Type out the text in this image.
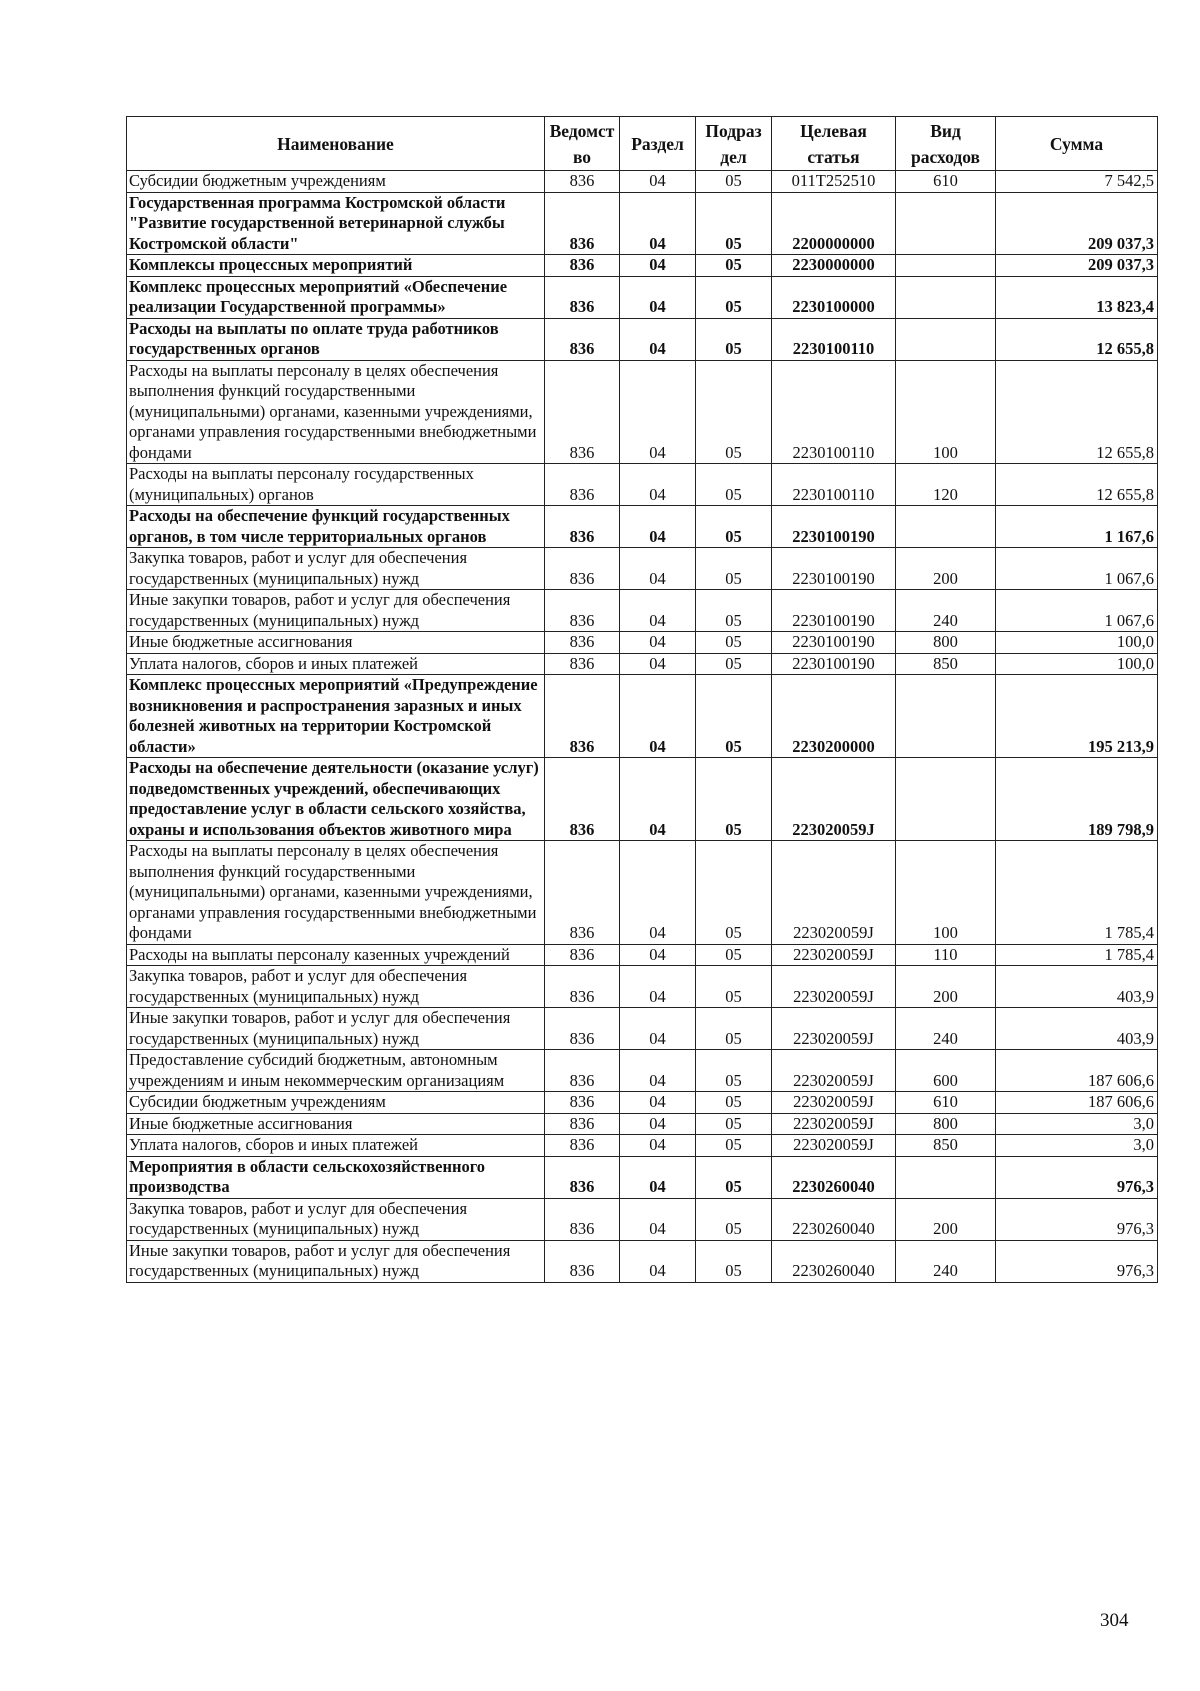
Наименование	Ведомст во	Раздел	Подраз дел	Целевая статья	Вид расходов	Сумма
Субсидии бюджетным учреждениям	836	04	05	011Т252510	610	7 542,5
Государственная программа Костромской области "Развитие государственной ветеринарной службы Костромской области"	836	04	05	2200000000		209 037,3
Комплексы процессных мероприятий	836	04	05	2230000000		209 037,3
Комплекс процессных мероприятий «Обеспечение реализации Государственной программы»	836	04	05	2230100000		13 823,4
Расходы на выплаты по оплате труда работников государственных органов	836	04	05	2230100110		12 655,8
Расходы на выплаты персоналу в целях обеспечения выполнения функций государственными (муниципальными) органами, казенными учреждениями, органами управления государственными внебюджетными фондами	836	04	05	2230100110	100	12 655,8
Расходы на выплаты персоналу государственных (муниципальных) органов	836	04	05	2230100110	120	12 655,8
Расходы на обеспечение функций государственных органов, в том числе территориальных органов	836	04	05	2230100190		1 167,6
Закупка товаров, работ и услуг для обеспечения государственных (муниципальных) нужд	836	04	05	2230100190	200	1 067,6
Иные закупки товаров, работ и услуг для обеспечения государственных (муниципальных) нужд	836	04	05	2230100190	240	1 067,6
Иные бюджетные ассигнования	836	04	05	2230100190	800	100,0
Уплата налогов, сборов и иных платежей	836	04	05	2230100190	850	100,0
Комплекс процессных мероприятий «Предупреждение возникновения и распространения заразных и иных болезней животных на территории Костромской области»	836	04	05	2230200000		195 213,9
Расходы на обеспечение деятельности (оказание услуг) подведомственных учреждений, обеспечивающих предоставление услуг в области сельского хозяйства, охраны и использования объектов животного мира	836	04	05	223020059J		189 798,9
Расходы на выплаты персоналу в целях обеспечения выполнения функций государственными (муниципальными) органами, казенными учреждениями, органами управления государственными внебюджетными фондами	836	04	05	223020059J	100	1 785,4
Расходы на выплаты персоналу казенных учреждений	836	04	05	223020059J	110	1 785,4
Закупка товаров, работ и услуг для обеспечения государственных (муниципальных) нужд	836	04	05	223020059J	200	403,9
Иные закупки товаров, работ и услуг для обеспечения государственных (муниципальных) нужд	836	04	05	223020059J	240	403,9
Предоставление субсидий бюджетным, автономным учреждениям и иным некоммерческим организациям	836	04	05	223020059J	600	187 606,6
Субсидии бюджетным учреждениям	836	04	05	223020059J	610	187 606,6
Иные бюджетные ассигнования	836	04	05	223020059J	800	3,0
Уплата налогов, сборов и иных платежей	836	04	05	223020059J	850	3,0
Мероприятия в области сельскохозяйственного производства	836	04	05	2230260040		976,3
Закупка товаров, работ и услуг для обеспечения государственных (муниципальных) нужд	836	04	05	2230260040	200	976,3
Иные закупки товаров, работ и услуг для обеспечения государственных (муниципальных) нужд	836	04	05	2230260040	240	976,3
304
